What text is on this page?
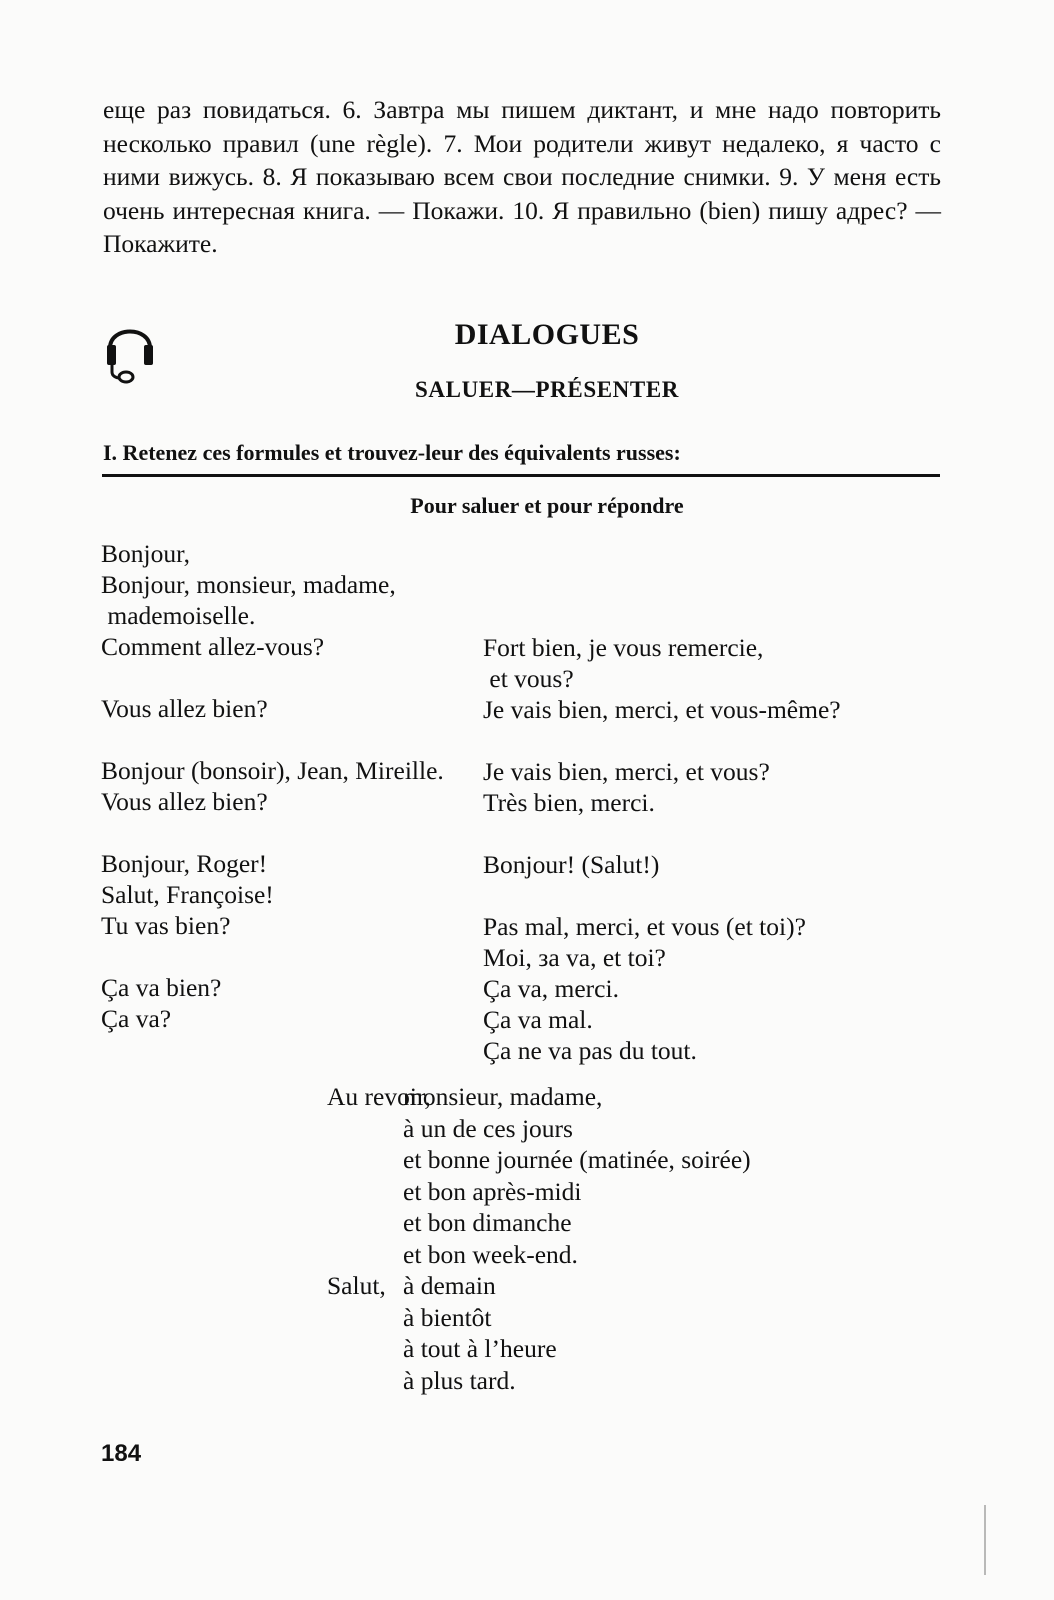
еще раз повидаться. 6. Завтра мы пишем диктант, и мне надо повторить несколько правил (une règle). 7. Мои родители живут недалеко, я часто с ними вижусь. 8. Я показываю всем свои последние снимки. 9. У меня есть очень интересная книга. — Покажи. 10. Я правильно (bien) пишу адрес? — Покажите.

DIALOGUES
SALUER—PRÉSENTER
I. Retenez ces formules et trouvez-leur des équivalents russes:
Pour saluer et pour répondre
Bonjour,
Bonjour, monsieur, madame,
mademoiselle.
Comment allez-vous?
Vous allez bien?
Bonjour (bonsoir), Jean, Mireille.
Vous allez bien?
Bonjour, Roger!
Salut, Françoise!
Tu vas bien?
Ça va bien?
Ça va?
Fort bien, je vous remercie,
et vous?
Je vais bien, merci, et vous-même?
Je vais bien, merci, et vous?
Très bien, merci.
Bonjour! (Salut!)
Pas mal, merci, et vous (et toi)?
Moi, за va, et toi?
Ça va, merci.
Ça va mal.
Ça ne va pas du tout.
Au revoir,
monsieur, madame,
à un de ces jours
et bonne journée (matinée, soirée)
et bon après-midi
et bon dimanche
et bon week-end.
Salut, à demain
à bientôt
à tout à l’heure
à plus tard.
184
